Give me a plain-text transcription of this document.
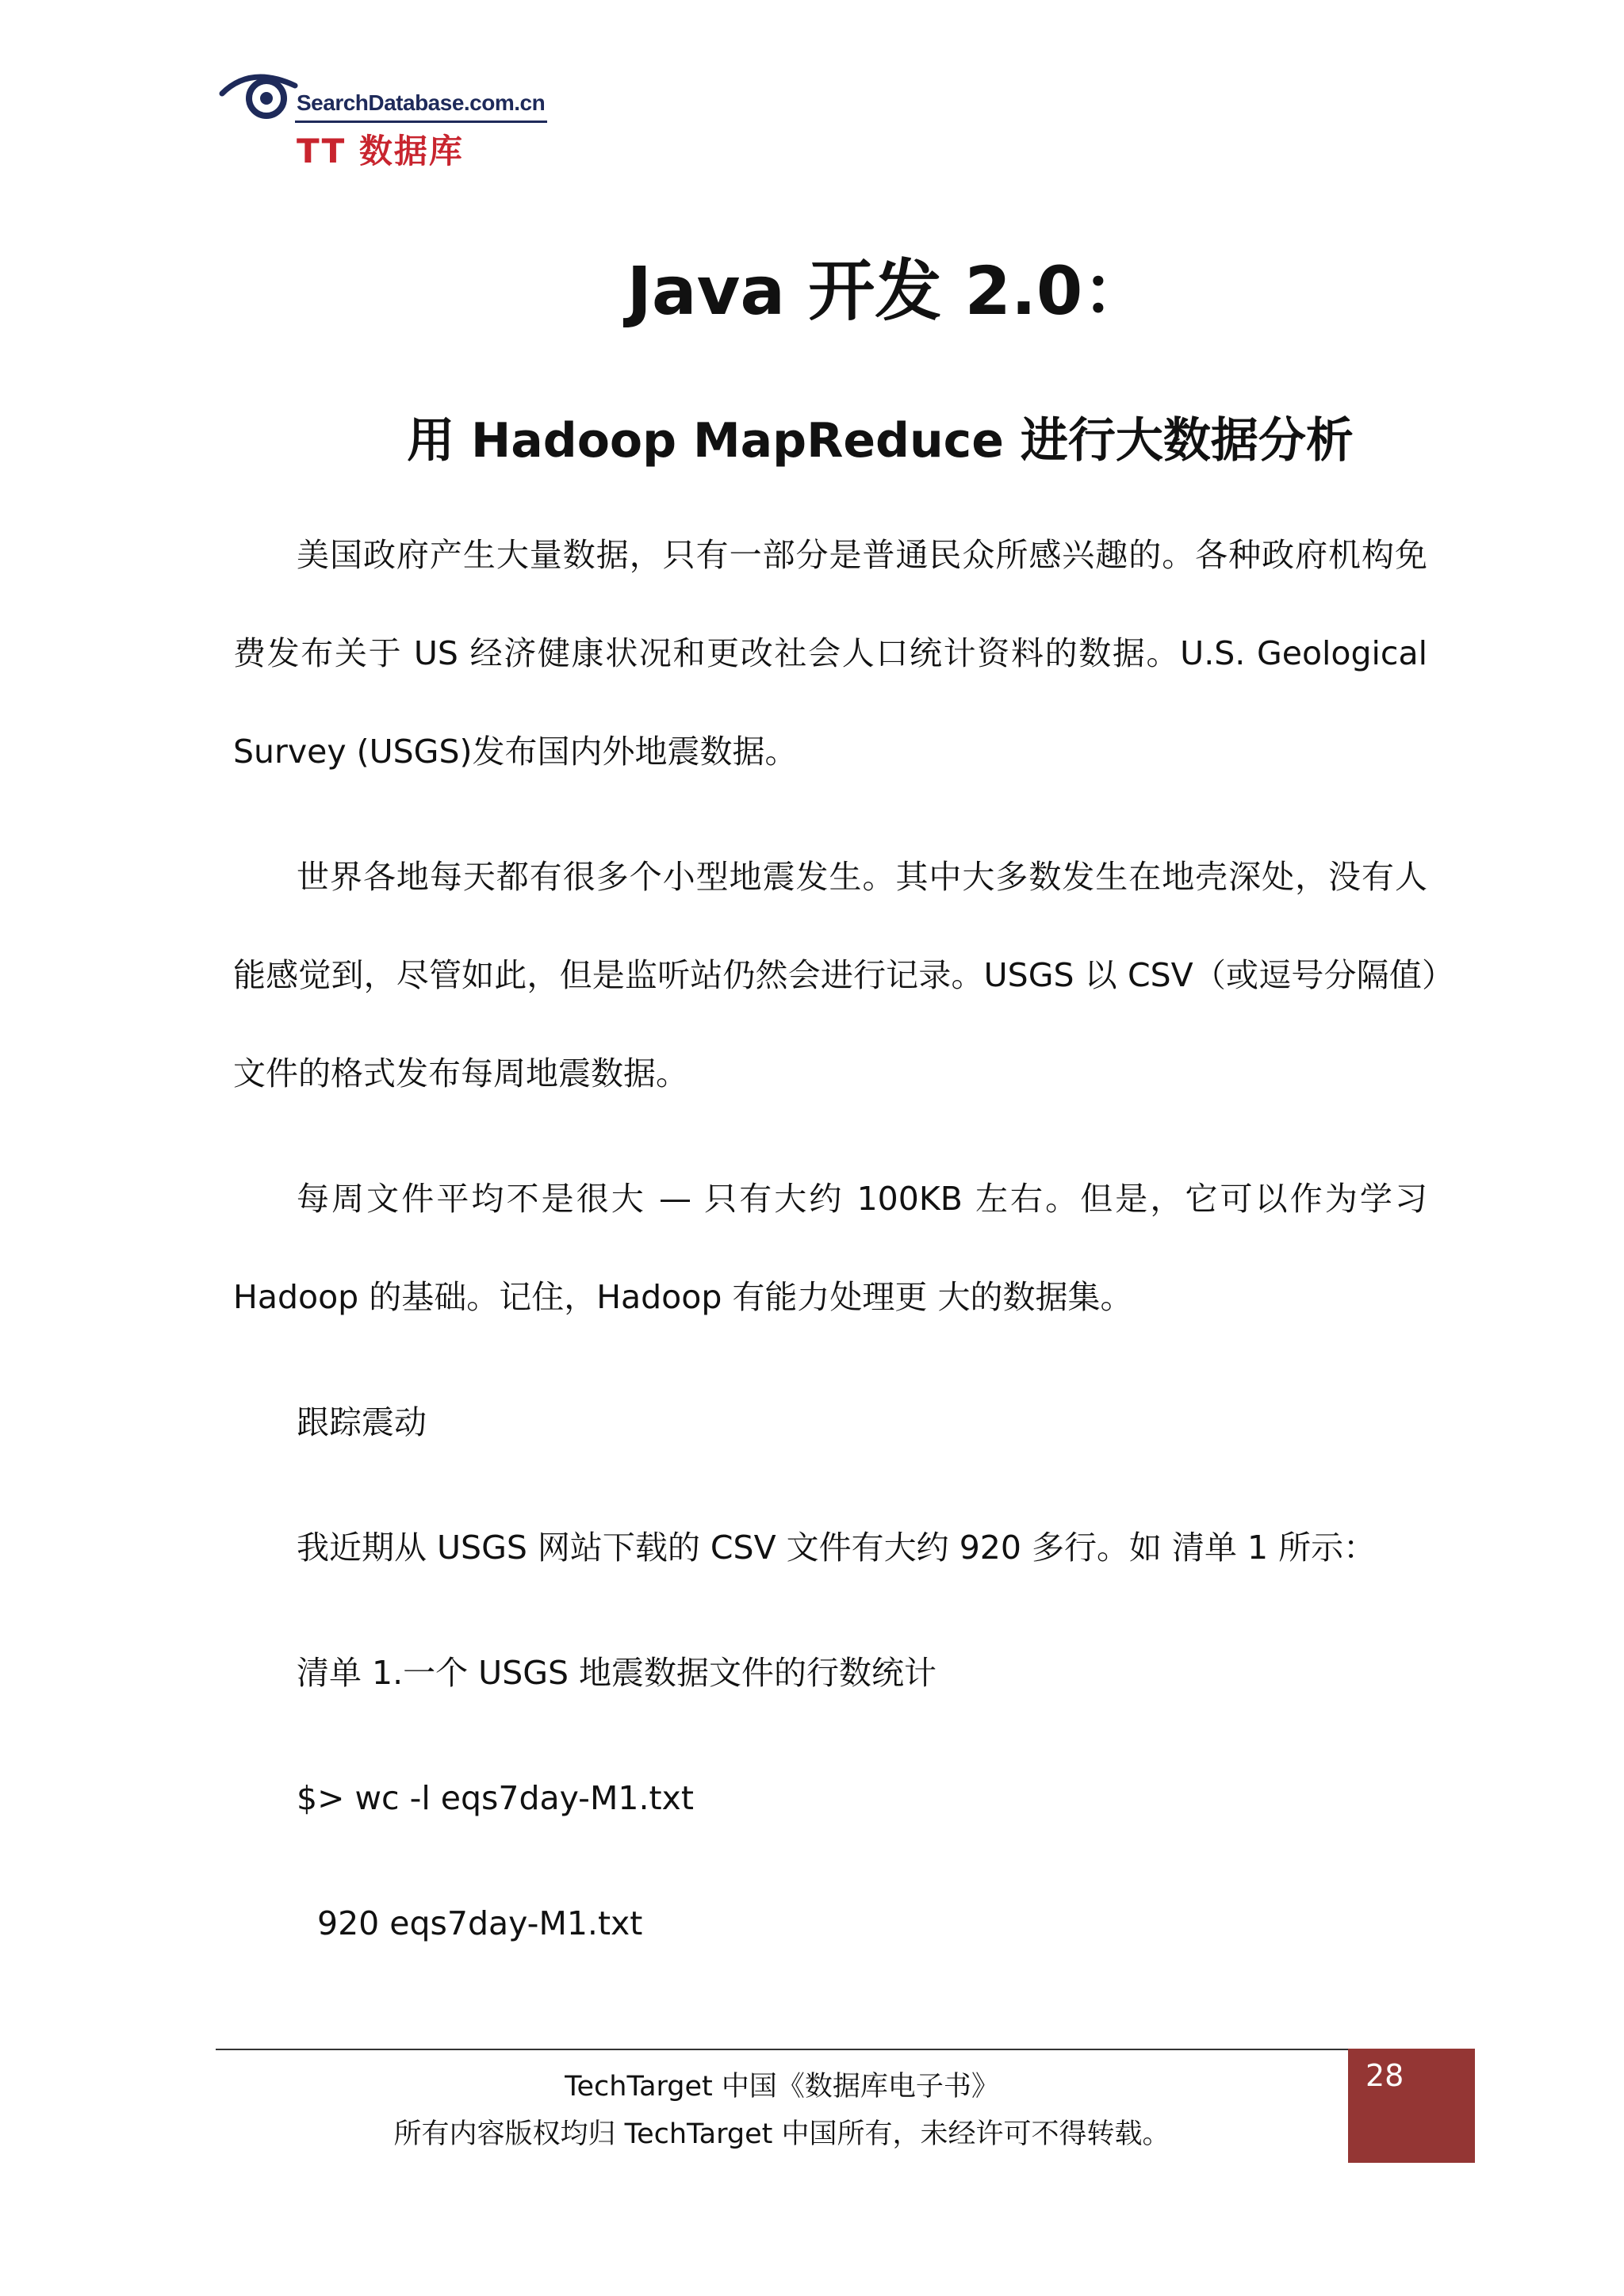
SearchDatabase.com.cn
TT 数据库
Java 开发 2.0：
用 Hadoop MapReduce 进行大数据分析
美国政府产生大量数据，只有一部分是普通民众所感兴趣的。各种政府机构免
费发布关于 US 经济健康状况和更改社会人口统计资料的数据。U.S. Geological
Survey (USGS)发布国内外地震数据。
世界各地每天都有很多个小型地震发生。其中大多数发生在地壳深处，没有人
能感觉到，尽管如此，但是监听站仍然会进行记录。USGS 以 CSV（或逗号分隔值）
文件的格式发布每周地震数据。
每周文件平均不是很大 — 只有大约 100KB 左右。但是，它可以作为学习
Hadoop 的基础。记住，Hadoop 有能力处理更 大的数据集。
跟踪震动
我近期从 USGS 网站下载的 CSV 文件有大约 920 多行。如 清单 1 所示：
清单 1.一个 USGS 地震数据文件的行数统计
$> wc -l eqs7day-M1.txt
920 eqs7day-M1.txt
TechTarget 中国《数据库电子书》
所有内容版权均归 TechTarget 中国所有，未经许可不得转载。
28
